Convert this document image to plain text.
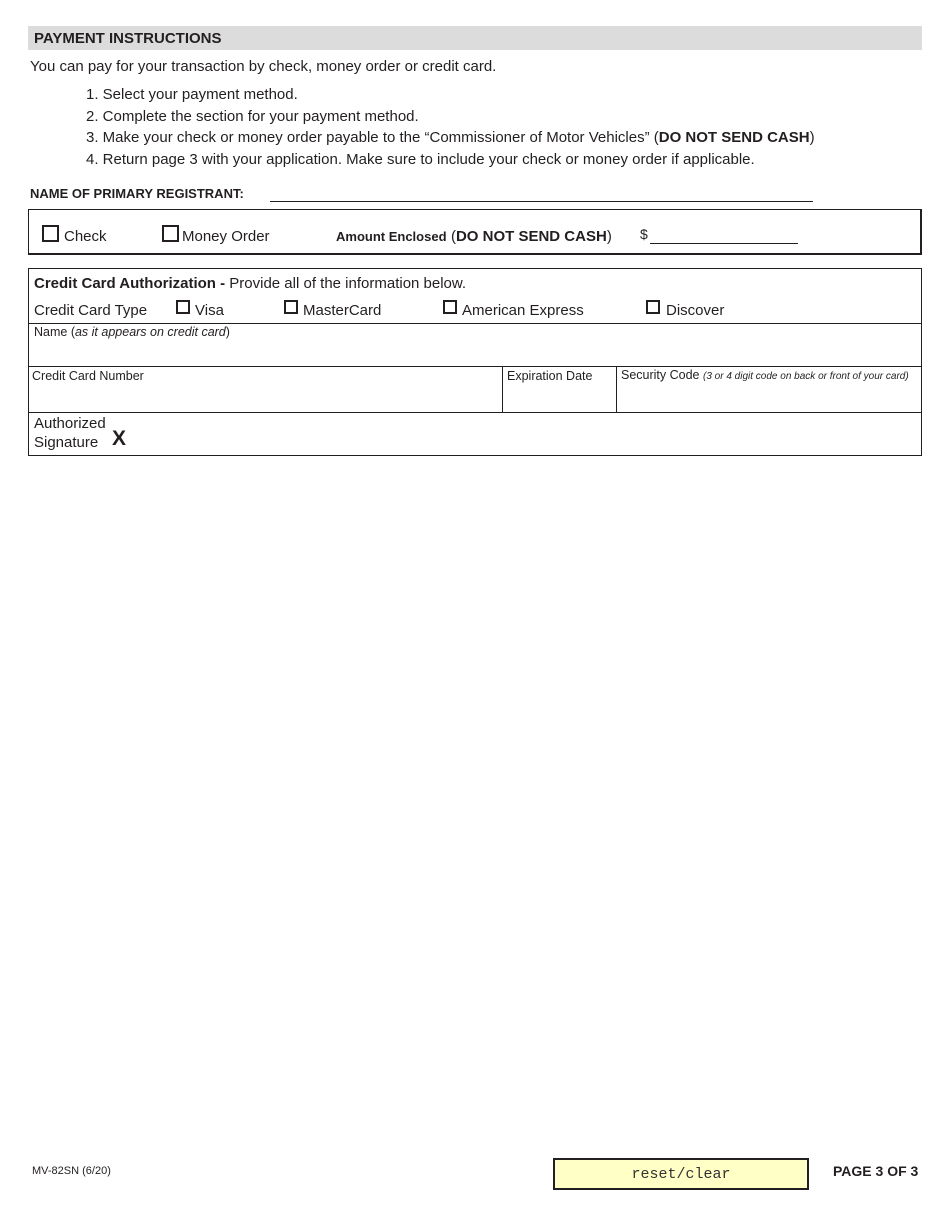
PAYMENT INSTRUCTIONS
You can pay for your transaction by check, money order or credit card.
1. Select your payment method.
2. Complete the section for your payment method.
3. Make your check or money order payable to the “Commissioner of Motor Vehicles” (DO NOT SEND CASH)
4. Return page 3 with your application. Make sure to include your check or money order if applicable.
NAME OF PRIMARY REGISTRANT:
Check	Money Order	Amount Enclosed (DO NOT SEND CASH) $
Credit Card Authorization - Provide all of the information below.
Credit Card Type	Visa	MasterCard	American Express	Discover
Name (as it appears on credit card)
Credit Card Number	Expiration Date Security Code (3 or 4 digit code on back or front of your card)
Authorized
Signature X
MV-82SN (6/20)	reset/clear	PAGE 3 OF 3
